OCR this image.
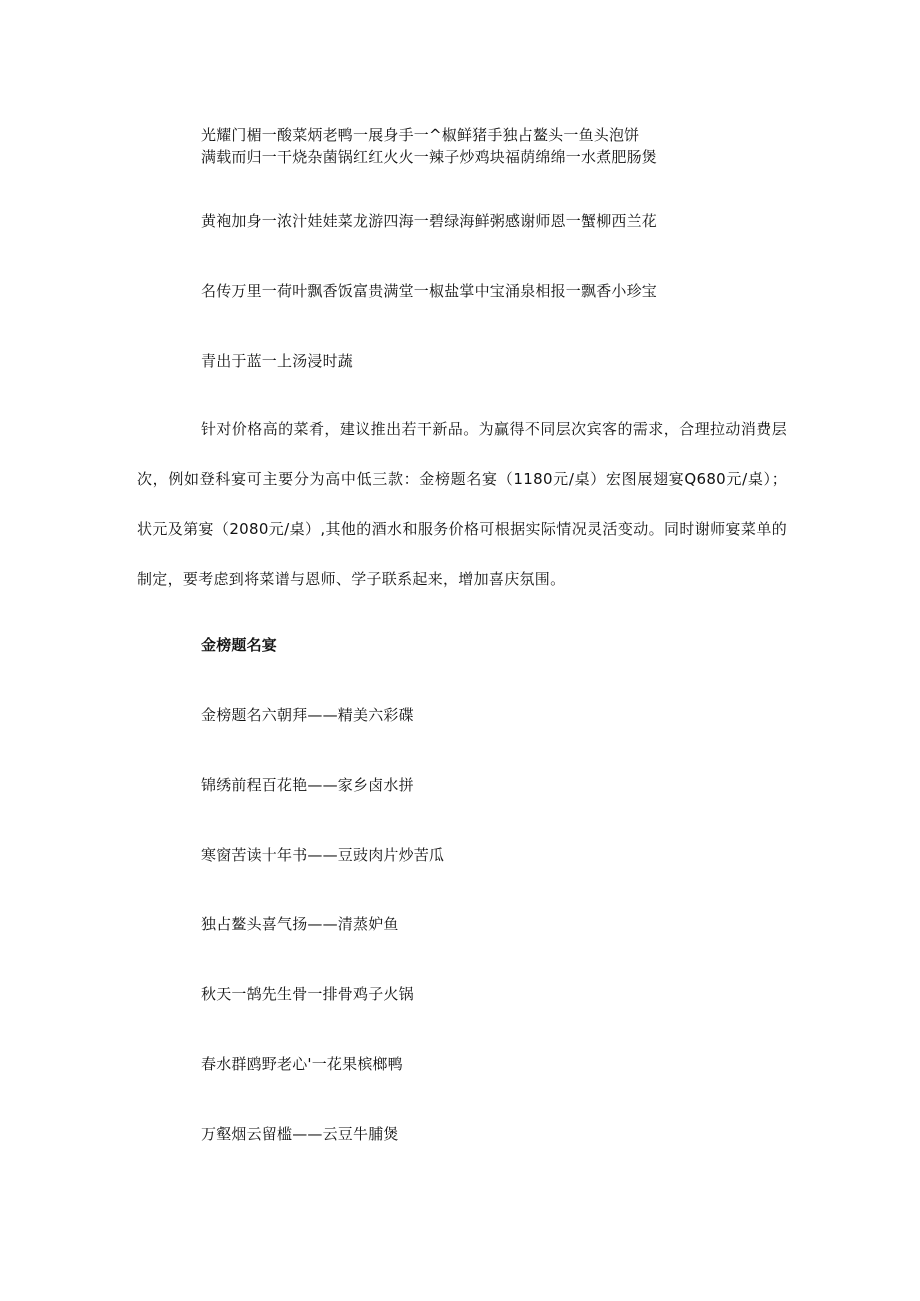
光耀门楣一酸菜炳老鸭一展身手一^椒鲜猪手独占鳌头一鱼头泡饼
满载而归一干烧杂菌锅红红火火一辣子炒鸡块福荫绵绵一水煮肥肠煲
黄袍加身一浓汁娃娃菜龙游四海一碧绿海鲜粥感谢师恩一蟹柳西兰花
名传万里一荷叶飘香饭富贵满堂一椒盐掌中宝涌泉相报一飘香小珍宝
青出于蓝一上汤浸时蔬
针对价格高的菜肴，建议推出若干新品。为赢得不同层次宾客的需求，合理拉动消费层次，例如登科宴可主要分为高中低三款：金榜题名宴（1180元/桌）宏图展翅宴Q680元/桌）；状元及第宴（2080元/桌）,其他的酒水和服务价格可根据实际情况灵活变动。同时谢师宴菜单的制定，要考虑到将菜谱与恩师、学子联系起来，增加喜庆氛围。
金榜题名宴
金榜题名六朝拜——精美六彩碟
锦绣前程百花艳——家乡卤水拼
寒窗苦读十年书——豆豉肉片炒苦瓜
独占鳌头喜气扬——清蒸妒鱼
秋天一鹄先生骨一排骨鸡子火锅
春水群鸥野老心'一花果槟榔鸭
万壑烟云留槛——云豆牛脯煲
